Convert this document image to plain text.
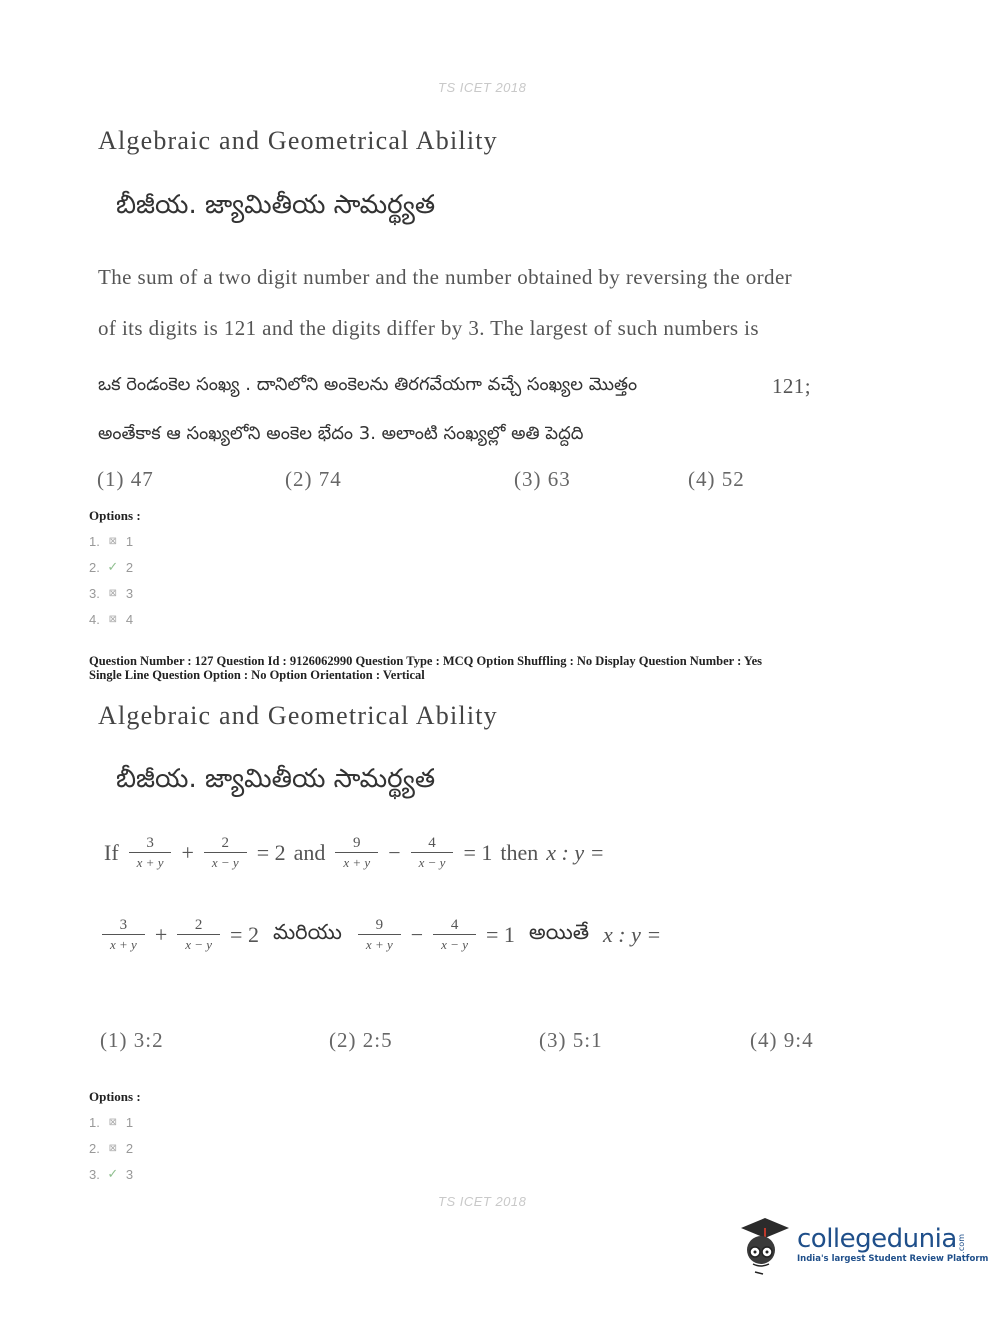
TS ICET 2018
Algebraic and Geometrical Ability
బీజీయ. జ్యామితీయ సామర్థ్యత
The sum of a two digit number and the number obtained by reversing the order
of its digits is 121 and the digits differ by 3. The largest of such numbers is
ఒక రెండంకెల సంఖ్య . దానిలోని అంకెలను తిరగవేయగా వచ్చే సంఖ్యల మొత్తం	121;
అంతేకాక ఆ సంఖ్యలోని అంకెల భేదం 3. అలాంటి సంఖ్యల్లో అతి పెద్దది
(1) 47	(2) 74	(3) 63	(4) 52
Options :
1. ⊠ 1
2. ✓ 2
3. ⊠ 3
4. ⊠ 4
Question Number : 127 Question Id : 9126062990 Question Type : MCQ Option Shuffling : No Display Question Number : Yes
Single Line Question Option : No Option Orientation : Vertical
Algebraic and Geometrical Ability
బీజీయ. జ్యామితీయ సామర్థ్యత
If $\frac{3}{x + y} + \frac{2}{x - y} = 2$ and $\frac{9}{x + y} - \frac{4}{x - y} = 1$ then x : y =
$\frac{3}{x + y} + \frac{2}{x - y} = 2$ మరియు $\frac{9}{x + y} - \frac{4}{x - y} = 1$ అయితే x : y =
(1) 3:2	(2) 2:5	(3) 5:1	(4) 9:4
Options :
1. ⊠ 1
2. ⊠ 2
3. ✓ 3
TS ICET 2018
collegedunia .com
India's largest Student Review Platform
